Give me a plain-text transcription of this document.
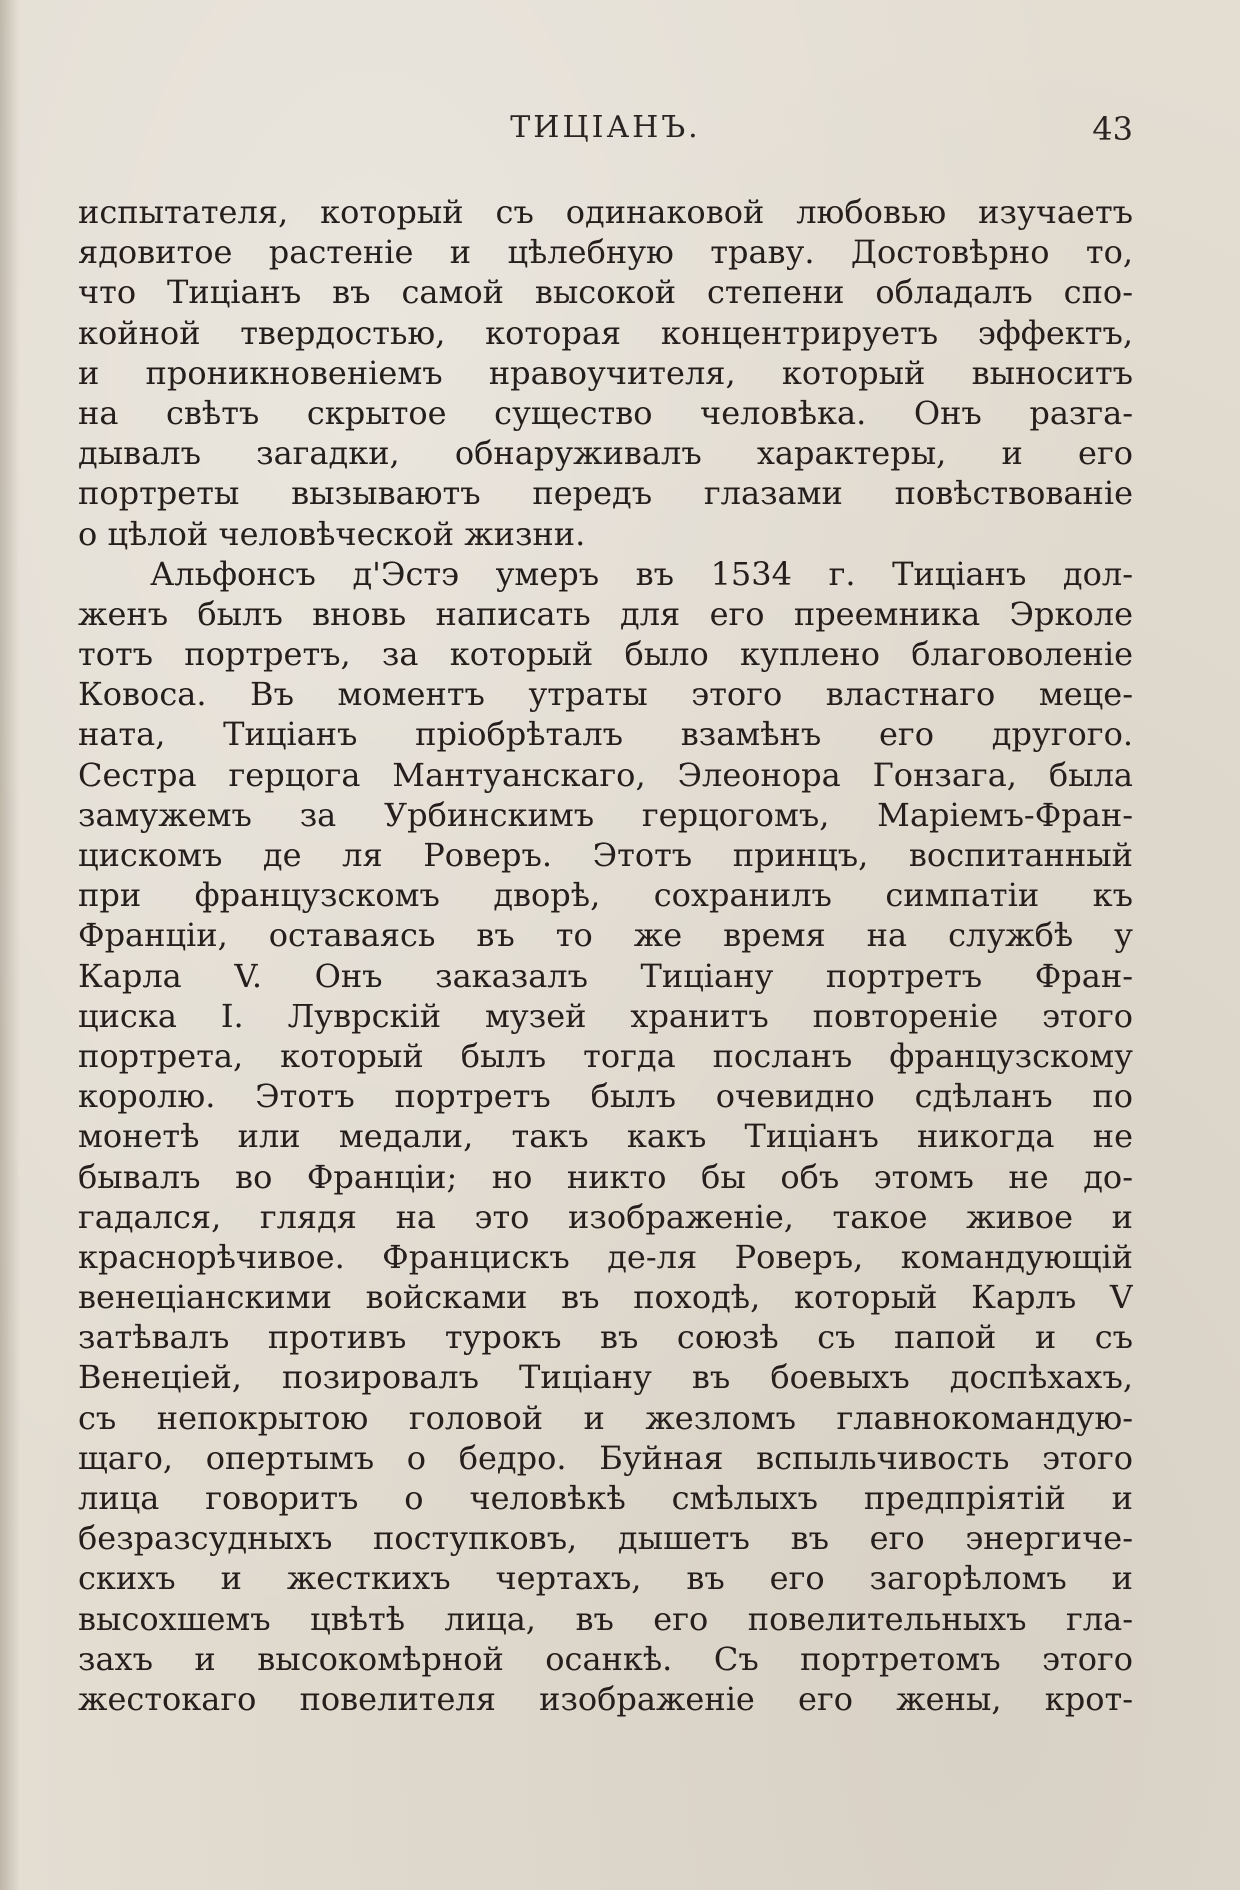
ТИЦІАНЪ.	43
испытателя, который съ одинаковой любовью изучаетъ
ядовитое растеніе и цѣлебную траву. Достовѣрно то,
что Тиціанъ въ самой высокой степени обладалъ спо-
койной твердостью, которая концентрируетъ эффектъ,
и проникновеніемъ нравоучителя, который выноситъ
на свѣтъ скрытое существо человѣка. Онъ разга-
дывалъ загадки, обнаруживалъ характеры, и его
портреты вызываютъ передъ глазами повѣствованіе
о цѣлой человѣческой жизни.
Альфонсъ д'Эстэ умеръ въ 1534 г. Тиціанъ дол-
женъ былъ вновь написать для его преемника Эрколе
тотъ портретъ, за который было куплено благоволеніе
Ковоса. Въ моментъ утраты этого властнаго мецe-
ната, Тиціанъ пріобрѣталъ взамѣнъ его другого.
Сестра герцога Мантуанскаго, Элеонора Гонзага, была
замужемъ за Урбинскимъ герцогомъ, Маріемъ-Фран-
цискомъ де ля Роверъ. Этотъ принцъ, воспитанный
при французскомъ дворѣ, сохранилъ симпатіи къ
Франціи, оставаясь въ то же время на службѣ у
Карла V. Онъ заказалъ Тиціану портретъ Фран-
циска I. Луврскій музей хранитъ повтореніе этого
портрета, который былъ тогда посланъ французскому
королю. Этотъ портретъ былъ очевидно сдѣланъ по
монетѣ или медали, такъ какъ Тиціанъ никогда не
бывалъ во Франціи; но никто бы объ этомъ не до-
гадался, глядя на это изображеніе, такое живое и
краснорѣчивое. Францискъ де-ля Роверъ, командующій
венеціанскими войсками въ походѣ, который Карлъ V
затѣвалъ противъ турокъ въ союзѣ съ папой и съ
Венеціей, позировалъ Тиціану въ боевыхъ доспѣхахъ,
съ непокрытою головой и жезломъ главнокомандую-
щаго, опертымъ о бедро. Буйная вспыльчивость этого
лица говоритъ о человѣкѣ смѣлыхъ предпріятій и
безразсудныхъ поступковъ, дышетъ въ его энергиче-
скихъ и жесткихъ чертахъ, въ его загорѣломъ и
высохшемъ цвѣтѣ лица, въ его повелительныхъ гла-
захъ и высокомѣрной осанкѣ. Съ портретомъ этого
жестокаго повелителя изображеніе его жены, крот-
